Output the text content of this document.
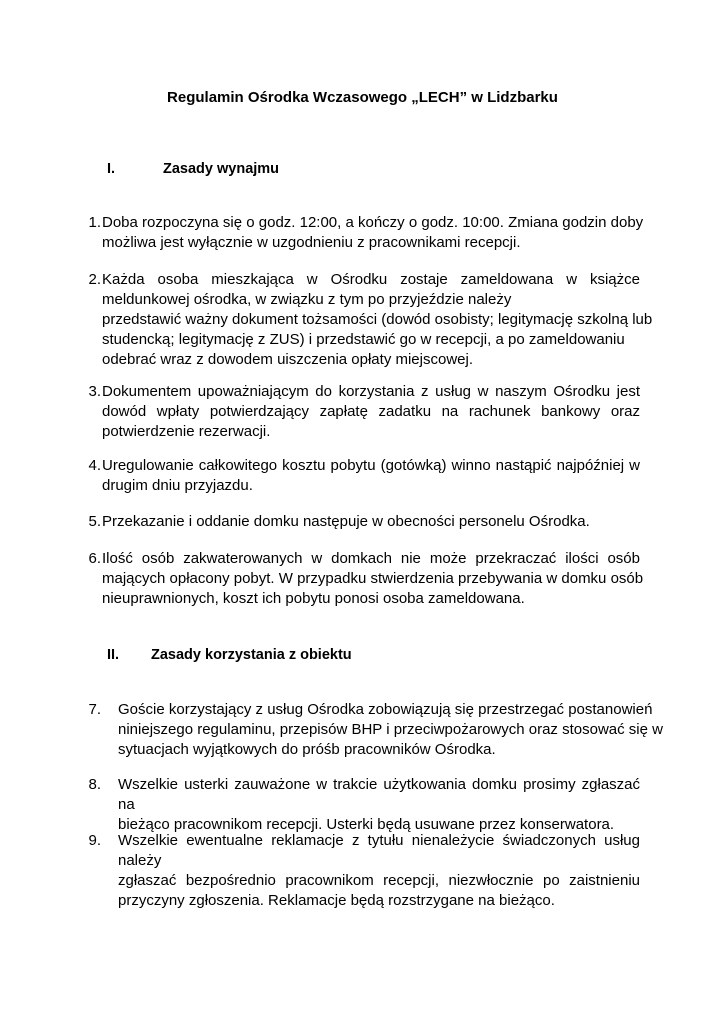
Regulamin Ośrodka Wczasowego „LECH” w Lidzbarku
I.	Zasady wynajmu
1. Doba rozpoczyna się o godz. 12:00, a kończy o godz. 10:00. Zmiana godzin doby
możliwa jest wyłącznie w uzgodnieniu z pracownikami recepcji.
2. Każda osoba mieszkająca w Ośrodku zostaje zameldowana w książce
meldunkowej ośrodka, w związku z tym po przyjeździe należy
przedstawić ważny dokument tożsamości (dowód osobisty; legitymację szkolną lub
studencką; legitymację z ZUS) i przedstawić go w recepcji, a po zameldowaniu
odebrać wraz z dowodem uiszczenia opłaty miejscowej.
3. Dokumentem upoważniającym do korzystania z usług w naszym Ośrodku jest
dowód wpłaty potwierdzający zapłatę zadatku na rachunek bankowy oraz
potwierdzenie rezerwacji.
4. Uregulowanie całkowitego kosztu pobytu (gotówką) winno nastąpić najpóźniej w
drugim dniu przyjazdu.
5. Przekazanie i oddanie domku następuje w obecności personelu Ośrodka.
6. Ilość osób zakwaterowanych w domkach nie może przekraczać ilości osób
mających opłacony pobyt. W przypadku stwierdzenia przebywania w domku osób
nieuprawnionych, koszt ich pobytu ponosi osoba zameldowana.
II. Zasady korzystania z obiektu
7. Goście korzystający z usług Ośrodka zobowiązują się przestrzegać postanowień
niniejszego regulaminu, przepisów BHP i przeciwpożarowych oraz stosować się w
sytuacjach wyjątkowych do próśb pracowników Ośrodka.
8. Wszelkie usterki zauważone w trakcie użytkowania domku prosimy zgłaszać na
bieżąco pracownikom recepcji. Usterki będą usuwane przez konserwatora.
9. Wszelkie ewentualne reklamacje z tytułu nienależycie świadczonych usług należy
zgłaszać bezpośrednio pracownikom recepcji, niezwłocznie po zaistnieniu
przyczyny zgłoszenia. Reklamacje będą rozstrzygane na bieżąco.
